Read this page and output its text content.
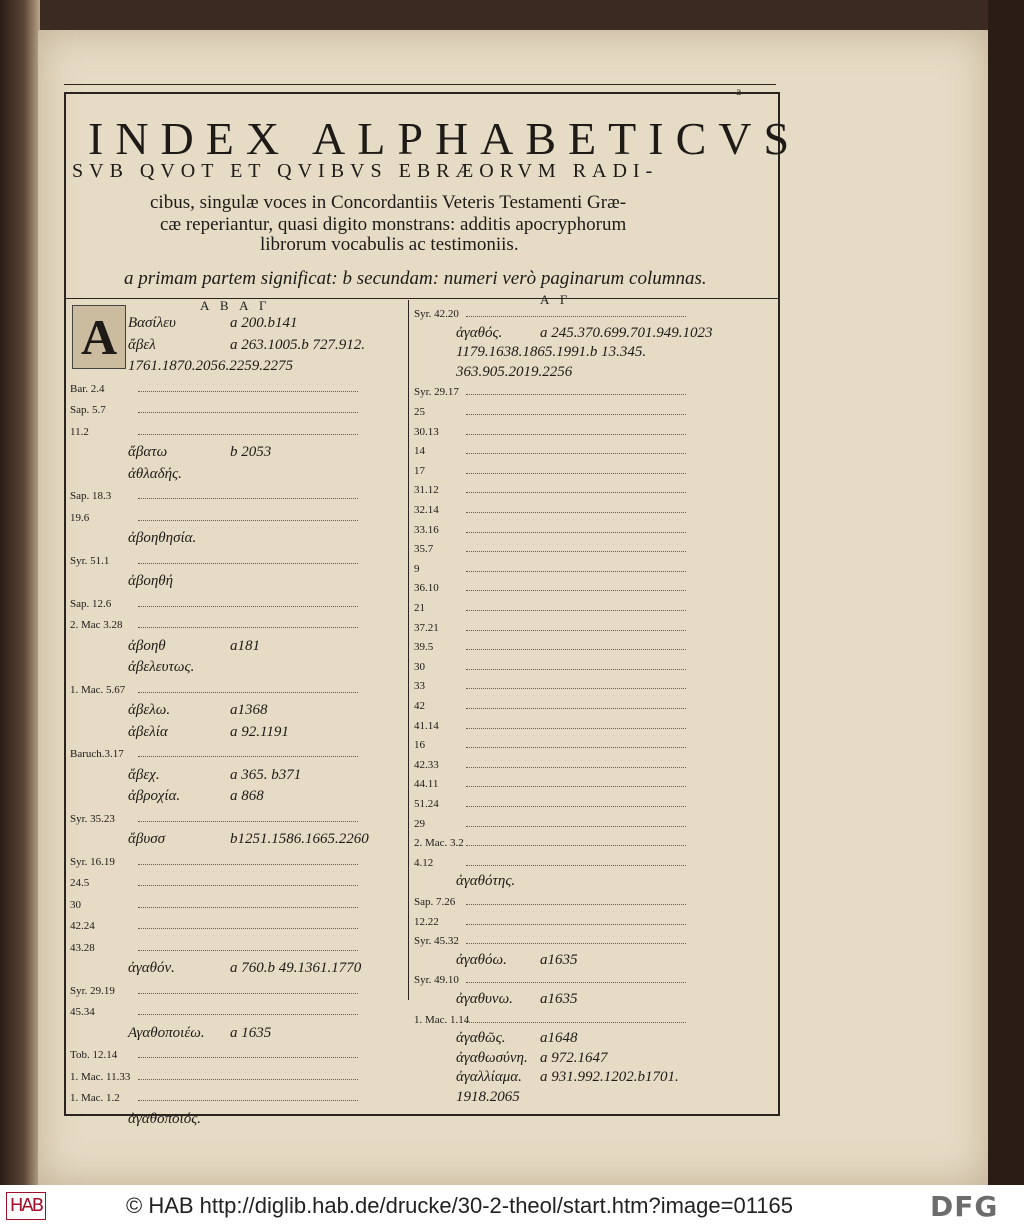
a
INDEX ALPHABETICVS
SVB QVOT ET QVIBVS EBRÆORVM RADI-
cibus, singulæ voces in Concordantiis Veteris Testamenti Græ-
cæ reperiantur, quasi digito monstrans: additis apocryphorum
librorum vocabulis ac testimoniis.
a primam partem significat: b secundam: numeri verò paginarum columnas.
Α Β Α Γ	Α Γ
A Βασίλευ	a 200.b141
ἄβελ	a 263.1005.b 727.912.
1761.1870.2056.2259.2275
Bar. 2.4
Sap. 5.7
11.2
ἄβατω	b 2053
ἀθλαδής.
Sap. 18.3
19.6
ἀβοηθησία.
Syr. 51.1
ἀβοηθή
Sap. 12.6
2. Mac 3.28
ἀβοηθ	a181
ἀβελευτως.
1. Mac. 5.67
ἀβελω.	a1368
ἀβελία	a 92.1191
Baruch.3.17
ἄβεχ.	a 365. b371
ἀβροχία.	a 868
Syr. 35.23
ἄβυσσ	b1251.1586.1665.2260
Syr. 16.19
24.5
30
42.24
43.28
ἀγαθόν.	a 760.b 49.1361.1770
Syr. 29.19
45.34
Αγαθοποιέω. a 1635
Tob. 12.14
1. Mac. 11.33
1. Mac. 1.2
ἀγαθοποιός.
Syr. 42.20
ἀγαθός.	a 245.370.699.701.949.1023
1179.1638.1865.1991.b 13.345.
363.905.2019.2256
Syr. 29.17
25
30.13
14
17
31.12
32.14
33.16
35.7
9
36.10
21
37.21
39.5
30
33
42
41.14
16
42.33
44.11
51.24
29
2. Mac. 3.2
4.12
ἀγαθότης.
Sap. 7.26
12.22
Syr. 45.32
ἀγαθόω. a1635
Syr. 49.10
ἀγαθυνω. a1635
1. Mac. 1.14
ἀγαθῶς. a1648
ἀγαθωσύνη. a 972.1647
ἀγαλλίαμα. a 931.992.1202.b1701.
1918.2065
HAB	© HAB http://diglib.hab.de/drucke/30-2-theol/start.htm?image=01165	DFG
